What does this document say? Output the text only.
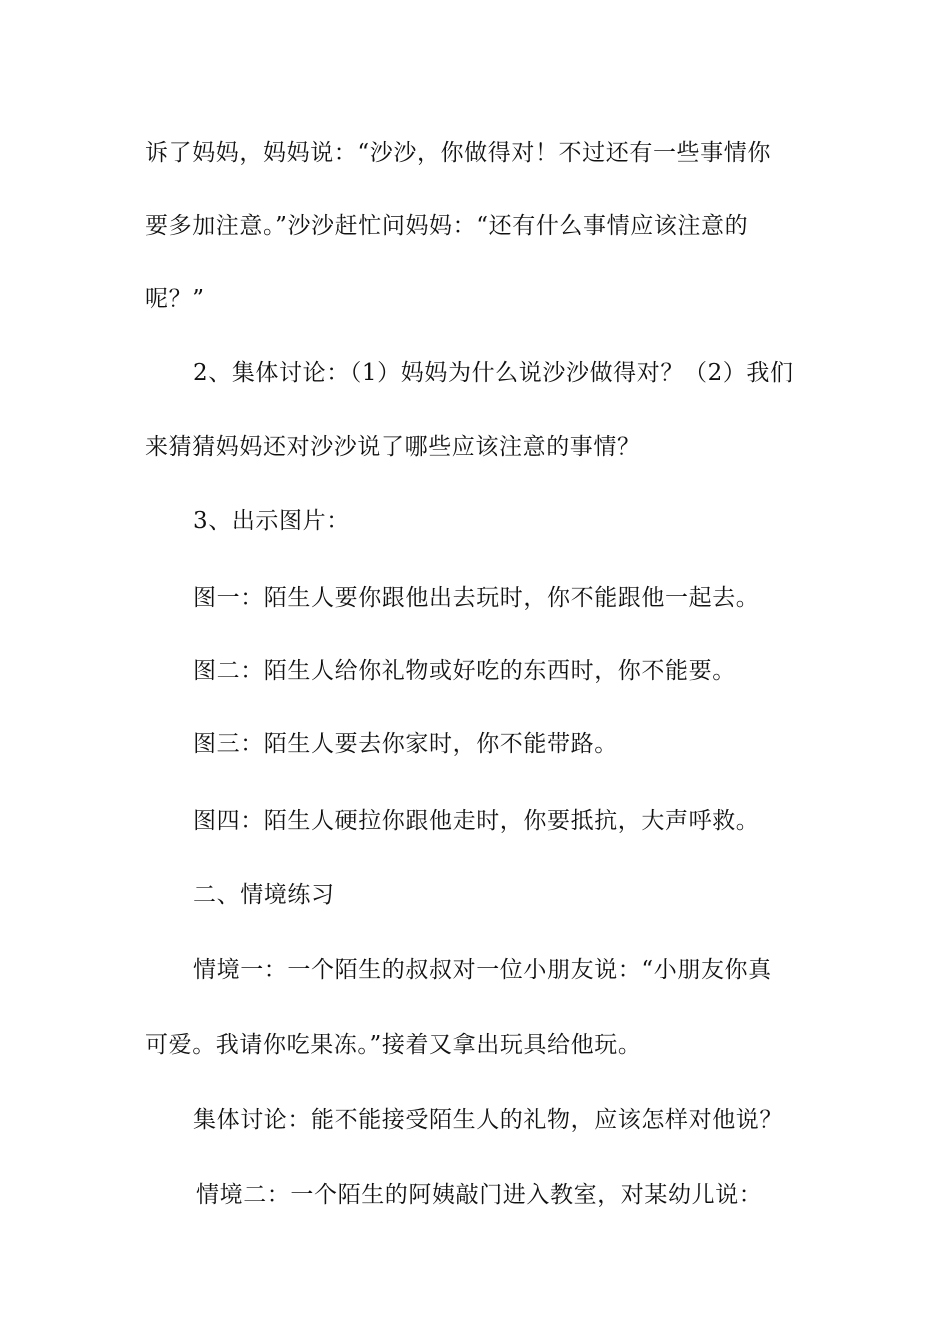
诉了妈妈，妈妈说：“沙沙，你做得对！不过还有一些事情你
要多加注意。”沙沙赶忙问妈妈：“还有什么事情应该注意的
呢？”
2、集体讨论：（1）妈妈为什么说沙沙做得对？（2）我们
来猜猜妈妈还对沙沙说了哪些应该注意的事情？
3、出示图片：
图一：陌生人要你跟他出去玩时，你不能跟他一起去。
图二：陌生人给你礼物或好吃的东西时，你不能要。
图三：陌生人要去你家时，你不能带路。
图四：陌生人硬拉你跟他走时，你要抵抗，大声呼救。
二、情境练习
情境一：一个陌生的叔叔对一位小朋友说：“小朋友你真
可爱。我请你吃果冻。”接着又拿出玩具给他玩。
集体讨论：能不能接受陌生人的礼物，应该怎样对他说？
情境二：一个陌生的阿姨敲门进入教室，对某幼儿说：
